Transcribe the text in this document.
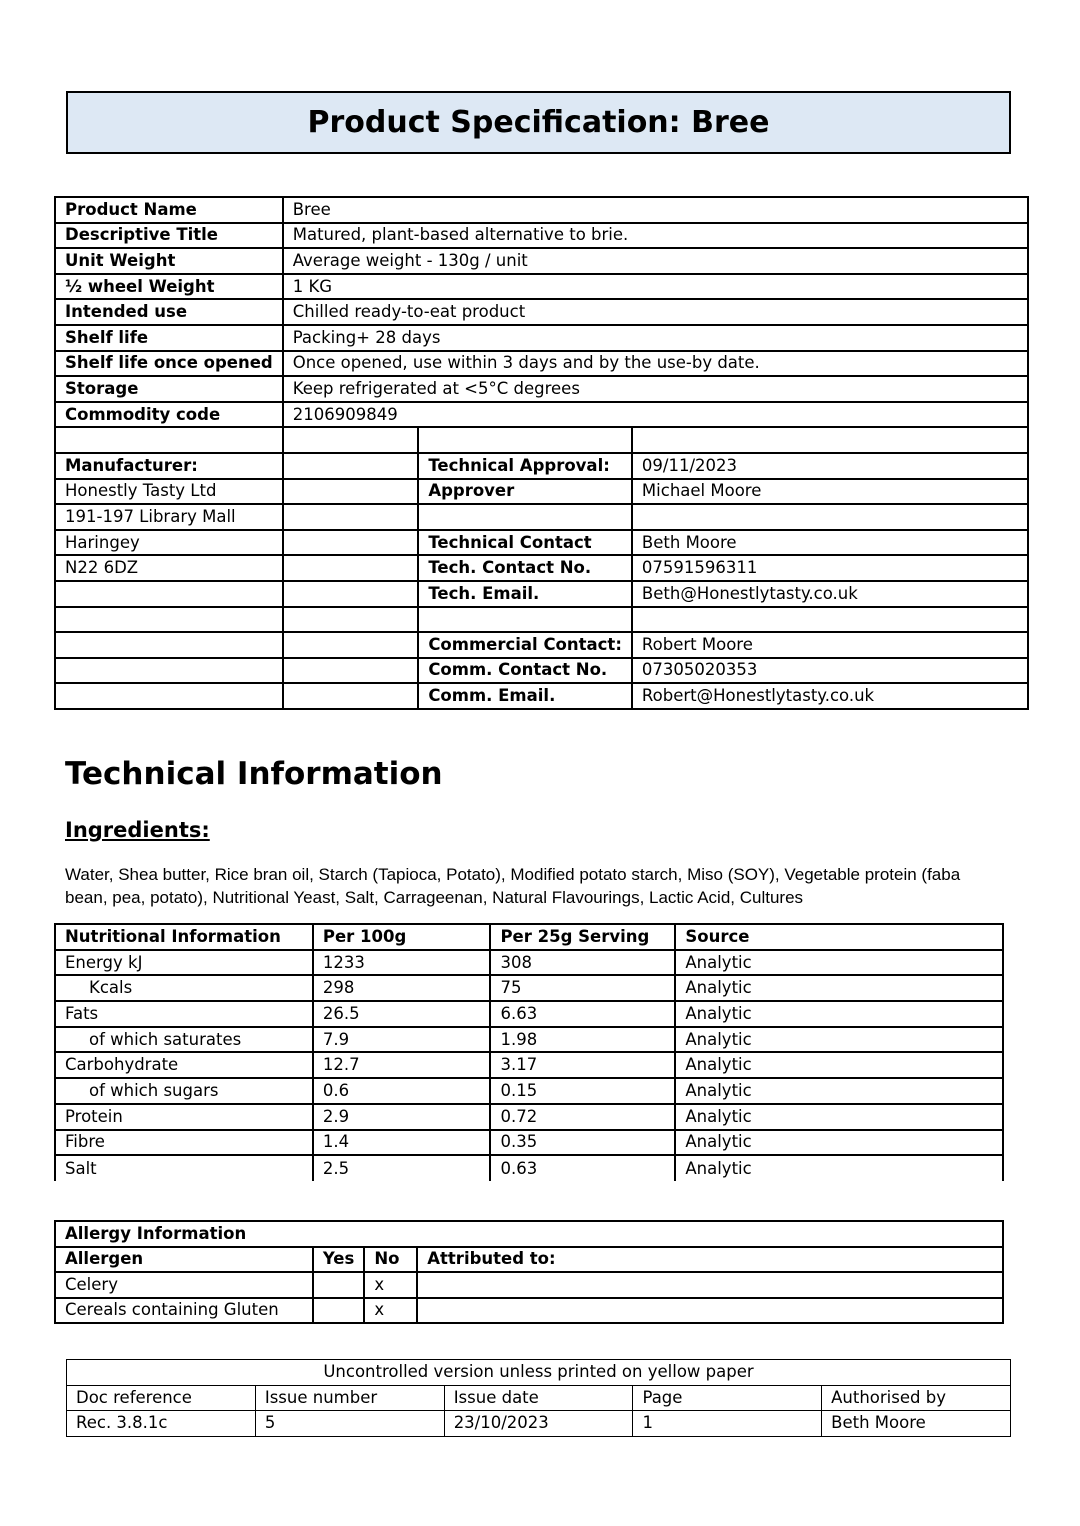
Product Specification: Bree
Product Name	Bree		
Descriptive Title	Matured, plant-based alternative to brie.		
Unit Weight	Average weight - 130g / unit		
½ wheel Weight	1 KG		
Intended use	Chilled ready-to-eat product		
Shelf life	Packing+ 28 days		
Shelf life once opened	Once opened, use within 3 days and by the use-by date.		
Storage	Keep refrigerated at <5°C degrees		
Commodity code	2106909849		

Manufacturer:		Technical Approval:	09/11/2023
Honestly Tasty Ltd		Approver	Michael Moore
191-197 Library Mall			
Haringey		Technical Contact	Beth Moore
N22 6DZ		Tech. Contact No.	07591596311
		Tech. Email.	Beth@Honestlytasty.co.uk

		Commercial Contact:	Robert Moore
		Comm. Contact No.	07305020353
		Comm. Email.	Robert@Honestlytasty.co.uk
Technical Information
Ingredients:
Water, Shea butter, Rice bran oil, Starch (Tapioca, Potato), Modified potato starch, Miso (SOY), Vegetable protein (faba bean, pea, potato), Nutritional Yeast, Salt, Carrageenan, Natural Flavourings, Lactic Acid, Cultures
Nutritional Information	Per 100g	Per 25g Serving	Source
Energy kJ	1233	308	Analytic
Kcals	298	75	Analytic
Fats	26.5	6.63	Analytic
of which saturates	7.9	1.98	Analytic
Carbohydrate	12.7	3.17	Analytic
of which sugars	0.6	0.15	Analytic
Protein	2.9	0.72	Analytic
Fibre	1.4	0.35	Analytic
Salt	2.5	0.63	Analytic
Allergy Information			
Allergen	Yes	No	Attributed to:
Celery		x	
Cereals containing Gluten		x	
Uncontrolled version unless printed on yellow paper				
Doc reference	Issue number	Issue date	Page	Authorised by
Rec. 3.8.1c	5	23/10/2023	1	Beth Moore
